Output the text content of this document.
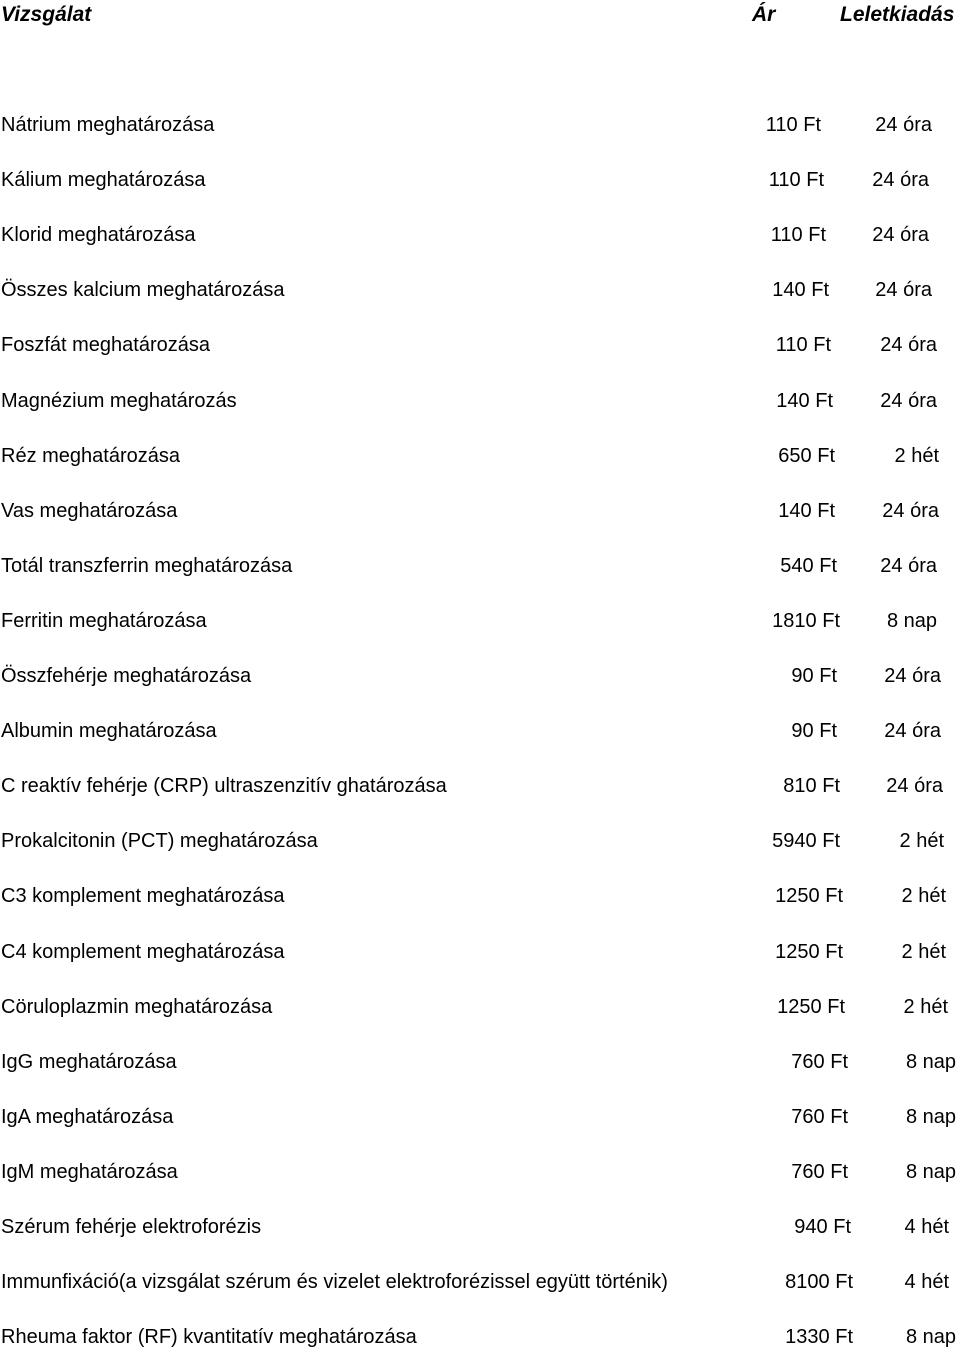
Vizsgálat	Ár	Leletkiadás
Nátrium meghatározása	110 Ft	24 óra
Kálium meghatározása	110 Ft 24 óra
Klorid meghatározása	110 Ft 24 óra
Összes kalcium meghatározása	140 Ft 24 óra
Foszfát meghatározása	110 Ft 24 óra
Magnézium meghatározás	140 Ft 24 óra
Réz meghatározása	650 Ft	2 hét
Vas meghatározása	140 Ft 24 óra
Totál transzferrin meghatározása	540 Ft 24 óra
Ferritin meghatározása	1810 Ft 8 nap
Összfehérje meghatározása	90 Ft 24 óra
Albumin meghatározása	90 Ft 24 óra
C reaktív fehérje (CRP) ultraszenzitív ghatározása	810 Ft 24 óra
Prokalcitonin (PCT) meghatározása	5940 Ft	2 hét
C3 komplement meghatározása	1250 Ft	2 hét
C4 komplement meghatározása	1250 Ft	2 hét
Cöruloplazmin meghatározása	1250 Ft	2 hét
IgG meghatározása	760 Ft	8 nap
IgA meghatározása	760 Ft	8 nap
IgM meghatározása	760 Ft	8 nap
Szérum fehérje elektroforézis	940 Ft	4 hét
Immunfixáció(a vizsgálat szérum és vizelet elektroforézissel együtt történik)	8100 Ft	4 hét
Rheuma faktor (RF) kvantitatív meghatározása	1330 Ft	8 nap
